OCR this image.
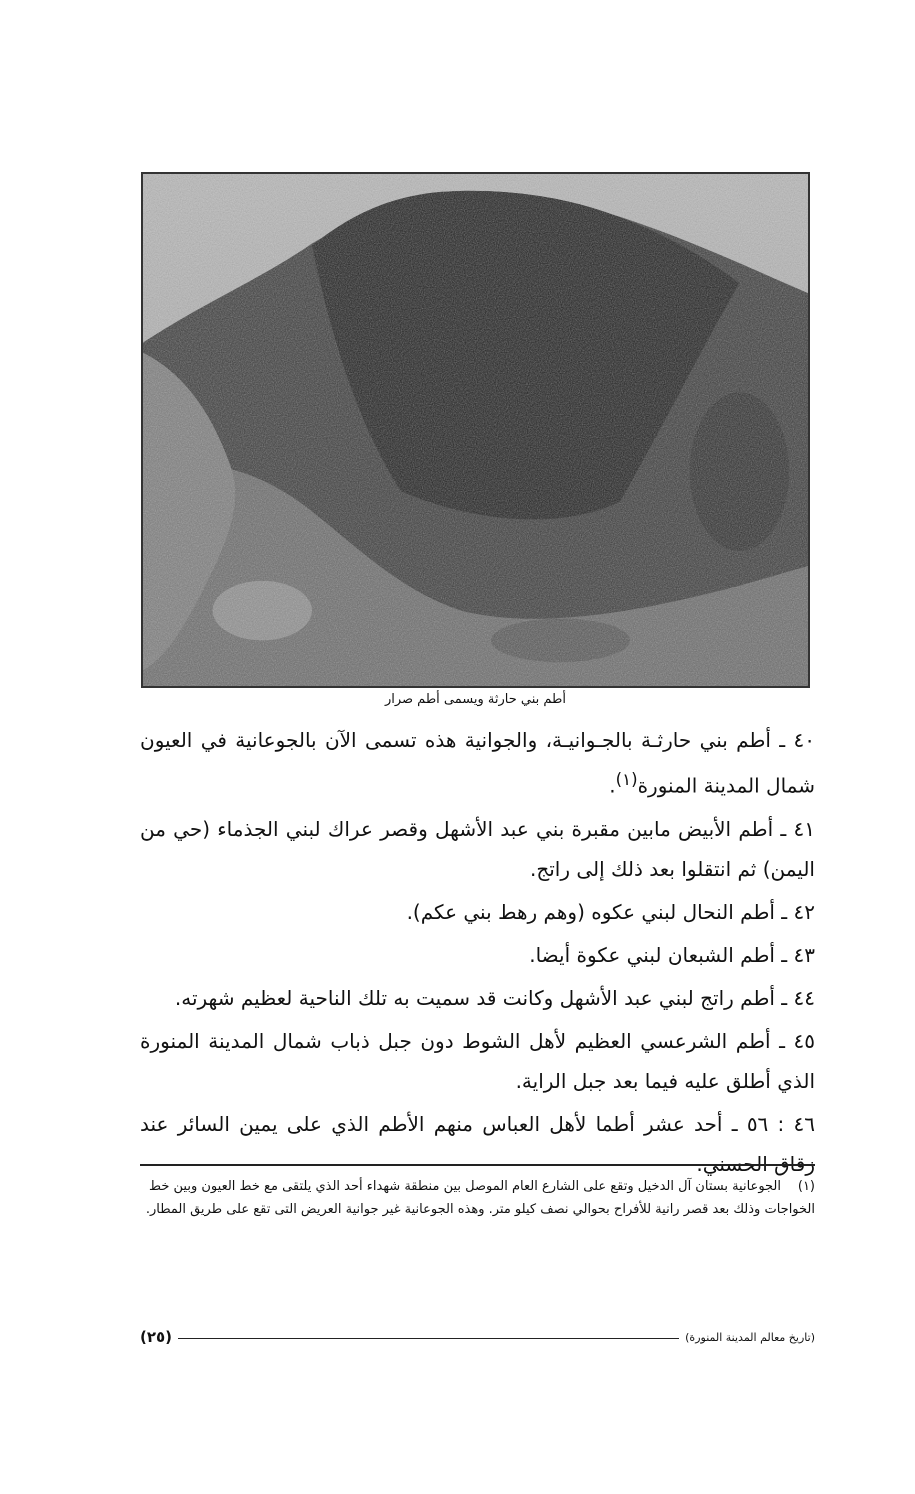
أطم بني حارثة ويسمى أطم صرار

٤٠ ـ أطم بني حارثـة بالجـوانيـة، والجوانية هذه تسمى الآن بالجوعانية في العيون شمال المدينة المنورة$^{(١)}$.

٤١ ـ أطم الأبيض مابين مقبرة بني عبد الأشهل وقصر عراك لبني الجذماء (حي من اليمن) ثم انتقلوا بعد ذلك إلى راتج.

٤٢ ـ أطم النحال لبني عكوه (وهم رهط بني عكم).

٤٣ ـ أطم الشبعان لبني عكوة أيضا.

٤٤ ـ أطم راتج لبني عبد الأشهل وكانت قد سميت به تلك الناحية لعظيم شهرته.

٤٥ ـ أطم الشرعسي العظيم لأهل الشوط دون جبل ذباب شمال المدينة المنورة الذي أطلق عليه فيما بعد جبل الراية.

٤٦ : ٥٦ ـ أحد عشر أطما لأهل العباس منهم الأطم الذي على يمين السائر عند زقاق الحسني.

(١)الجوعانية بستان آل الدخيل وتقع على الشارع العام الموصل بين منطقة شهداء أحد الذي يلتقى مع خط العيون وبين خط الخواجات وذلك بعد قصر رانية للأفراح بحوالي نصف كيلو متر. وهذه الجوعانية غير جوانية العريض التى تقع على طريق المطار.
(تاريخ معالم المدينة المنورة)
(٢٥)
